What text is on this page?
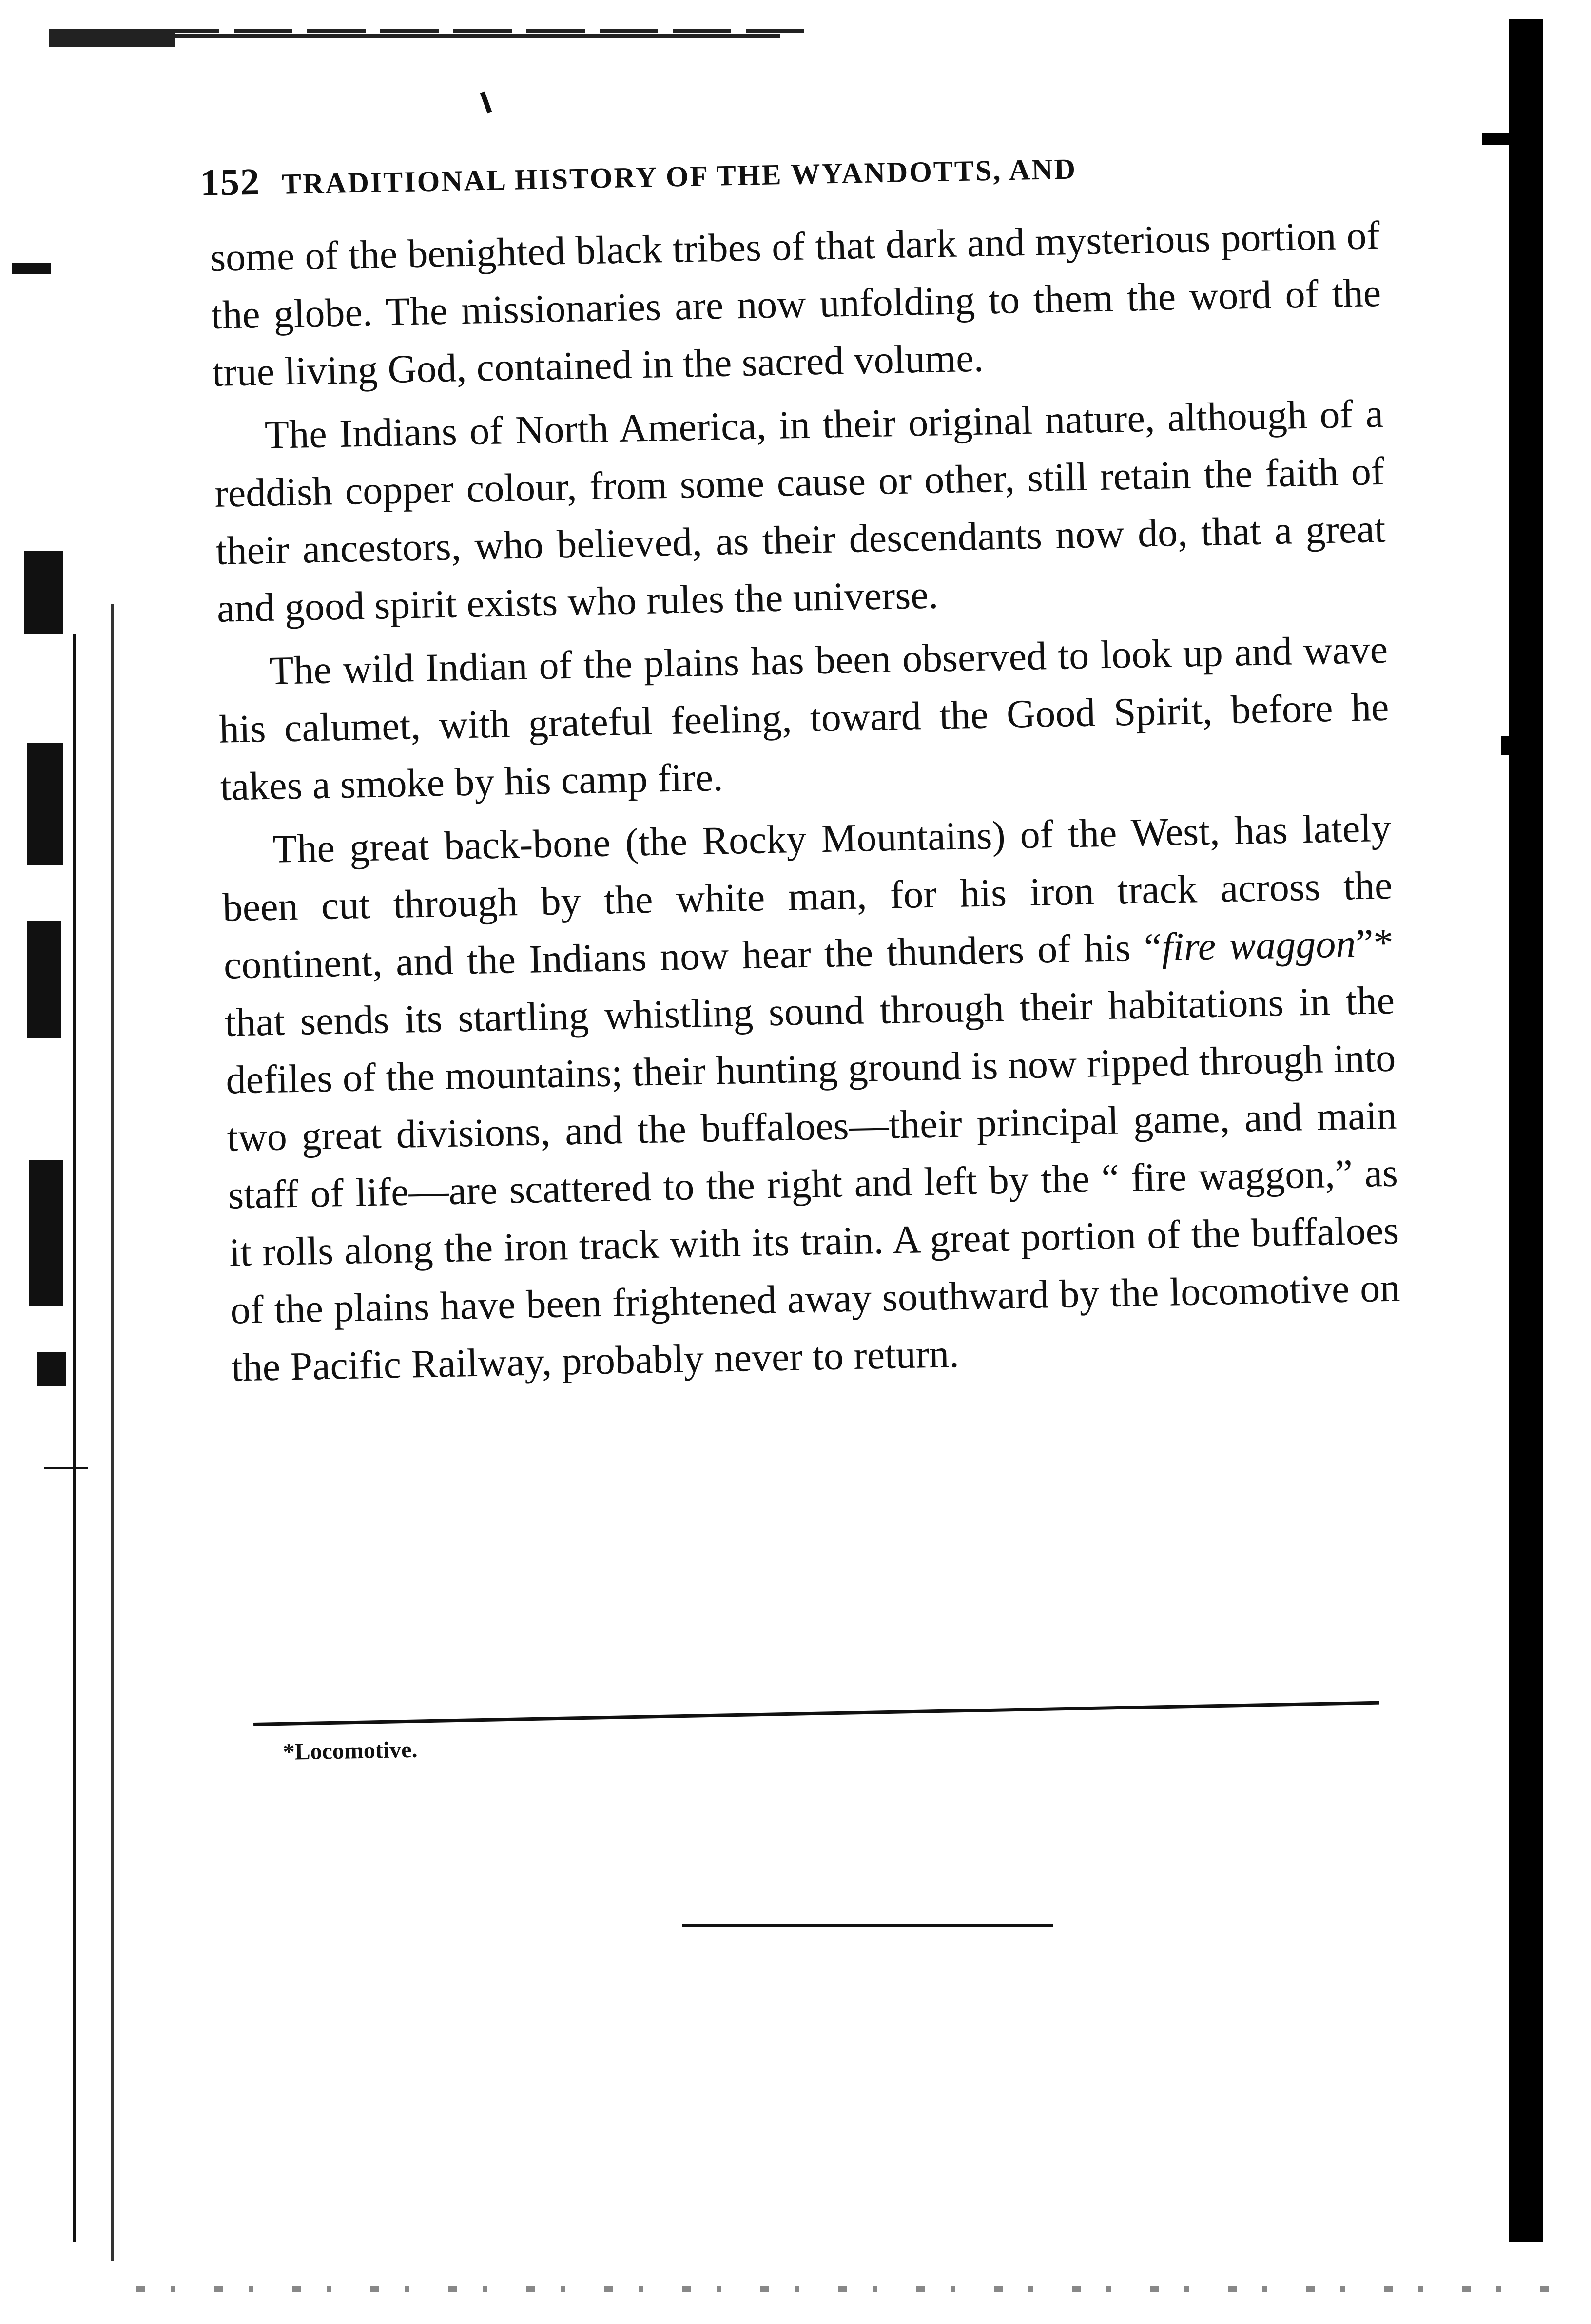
152 TRADITIONAL HISTORY OF THE WYANDOTTS, AND

some of the benighted black tribes of that dark and mysterious portion of the globe. The missionaries are now unfolding to them the word of the true living God, contained in the sacred volume.

The Indians of North America, in their original nature, although of a reddish copper colour, from some cause or other, still retain the faith of their ancestors, who believed, as their descendants now do, that a great and good spirit exists who rules the universe.

The wild Indian of the plains has been observed to look up and wave his calumet, with grateful feeling, toward the Good Spirit, before he takes a smoke by his camp fire.

The great back-bone (the Rocky Mountains) of the West, has lately been cut through by the white man, for his iron track across the continent, and the Indians now hear the thunders of his “fire waggon”* that sends its startling whistling sound through their habitations in the defiles of the mountains; their hunting ground is now ripped through into two great divisions, and the buffaloes—their principal game, and main staff of life—are scattered to the right and left by the “ fire waggon,” as it rolls along the iron track with its train. A great portion of the buffaloes of the plains have been frightened away southward by the locomotive on the Pacific Railway, probably never to return.

*Locomotive.
